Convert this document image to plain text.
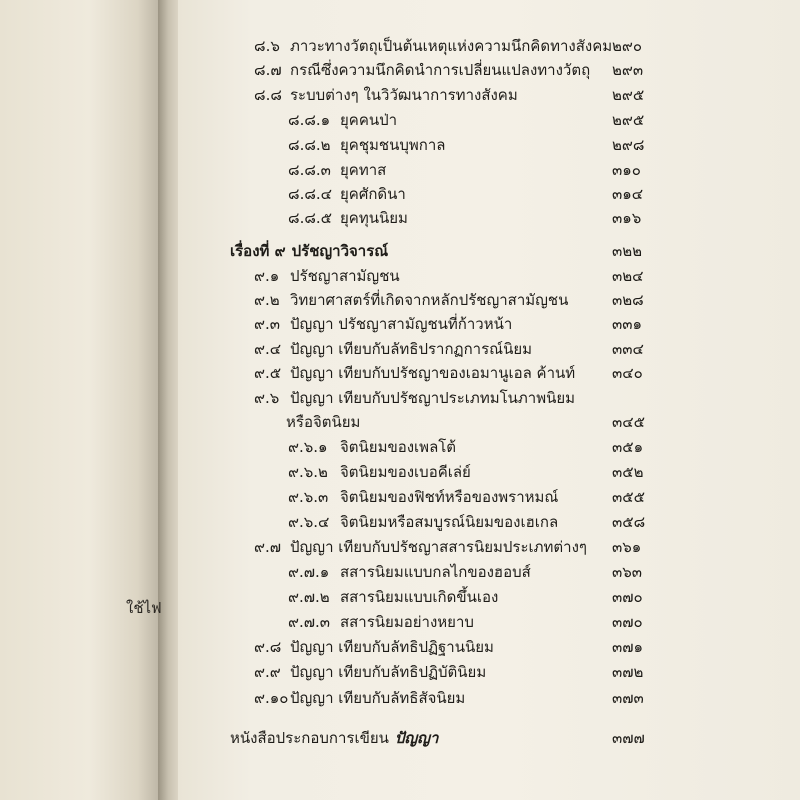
ใช้ไฟ
๘.๖ ภาวะทางวัตถุเป็นต้นเหตุแห่งความนึกคิดทางสังคม ๒๙๐
๘.๗ กรณีซึ่งความนึกคิดนำการเปลี่ยนแปลงทางวัตถุ ๒๙๓
๘.๘ ระบบต่างๆ ในวิวัฒนาการทางสังคม	๒๙๕
๘.๘.๑ ยุคคนป่า	๒๙๕
๘.๘.๒ ยุคชุมชนบุพกาล	๒๙๘
๘.๘.๓ ยุคทาส	๓๑๐
๘.๘.๔ ยุคศักดินา	๓๑๔
๘.๘.๕ ยุคทุนนิยม	๓๑๖
เรื่องที่ ๙ ปรัชญาวิจารณ์	๓๒๒
๙.๑ ปรัชญาสามัญชน	๓๒๔
๙.๒ วิทยาศาสตร์ที่เกิดจากหลักปรัชญาสามัญชน	๓๒๘
๙.๓ ปัญญา ปรัชญาสามัญชนที่ก้าวหน้า	๓๓๑
๙.๔ ปัญญา เทียบกับลัทธิปรากฏการณ์นิยม	๓๓๔
๙.๕ ปัญญา เทียบกับปรัชญาของเอมานูเอล ค้านท์ ๓๔๐
๙.๖ ปัญญา เทียบกับปรัชญาประเภทมโนภาพนิยม
หรือจิตนิยม	๓๔๕
๙.๖.๑ จิตนิยมของเพลโต้	๓๕๑
๙.๖.๒ จิตนิยมของเบอคีเล่ย์	๓๕๒
๙.๖.๓ จิตนิยมของฟิชท์หรือของพราหมณ์	๓๕๕
๙.๖.๔ จิตนิยมหรือสมบูรณ์นิยมของเฮเกล	๓๕๘
๙.๗ ปัญญา เทียบกับปรัชญาสสารนิยมประเภทต่างๆ ๓๖๑
๙.๗.๑ สสารนิยมแบบกลไกของฮอบส์	๓๖๓
๙.๗.๒ สสารนิยมแบบเกิดขึ้นเอง	๓๗๐
๙.๗.๓ สสารนิยมอย่างหยาบ	๓๗๐
๙.๘ ปัญญา เทียบกับลัทธิปฏิฐานนิยม	๓๗๑
๙.๙ ปัญญา เทียบกับลัทธิปฏิบัตินิยม	๓๗๒
๙.๑๐ ปัญญา เทียบกับลัทธิสัจนิยม	๓๗๓
หนังสือประกอบการเขียน ปัญญา	๓๗๗
